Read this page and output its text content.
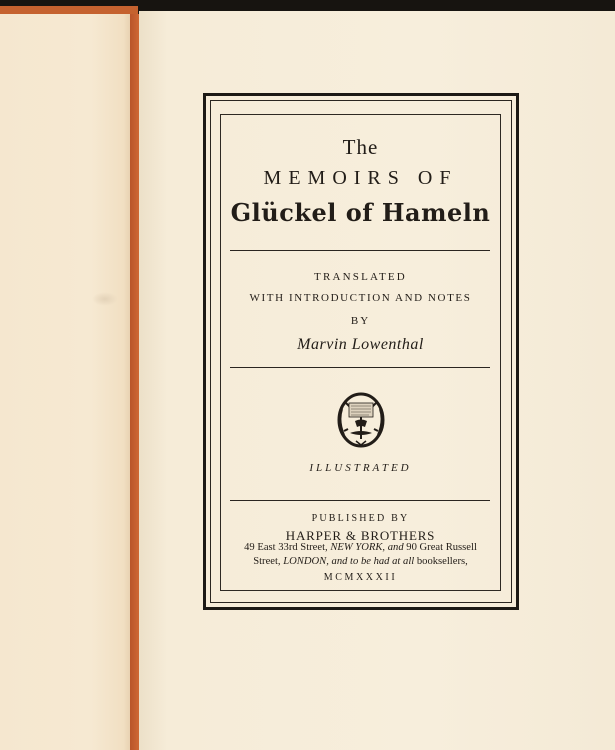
The
MEMOIRS OF
Glückel of Hameln
TRANSLATED
WITH INTRODUCTION AND NOTES
BY
Marvin Lowenthal
ILLUSTRATED
PUBLISHED BY
HARPER & BROTHERS
49 East 33rd Street, NEW YORK, and 90 Great Russell
Street, LONDON, and to be had at all booksellers,
MCMXXXII
